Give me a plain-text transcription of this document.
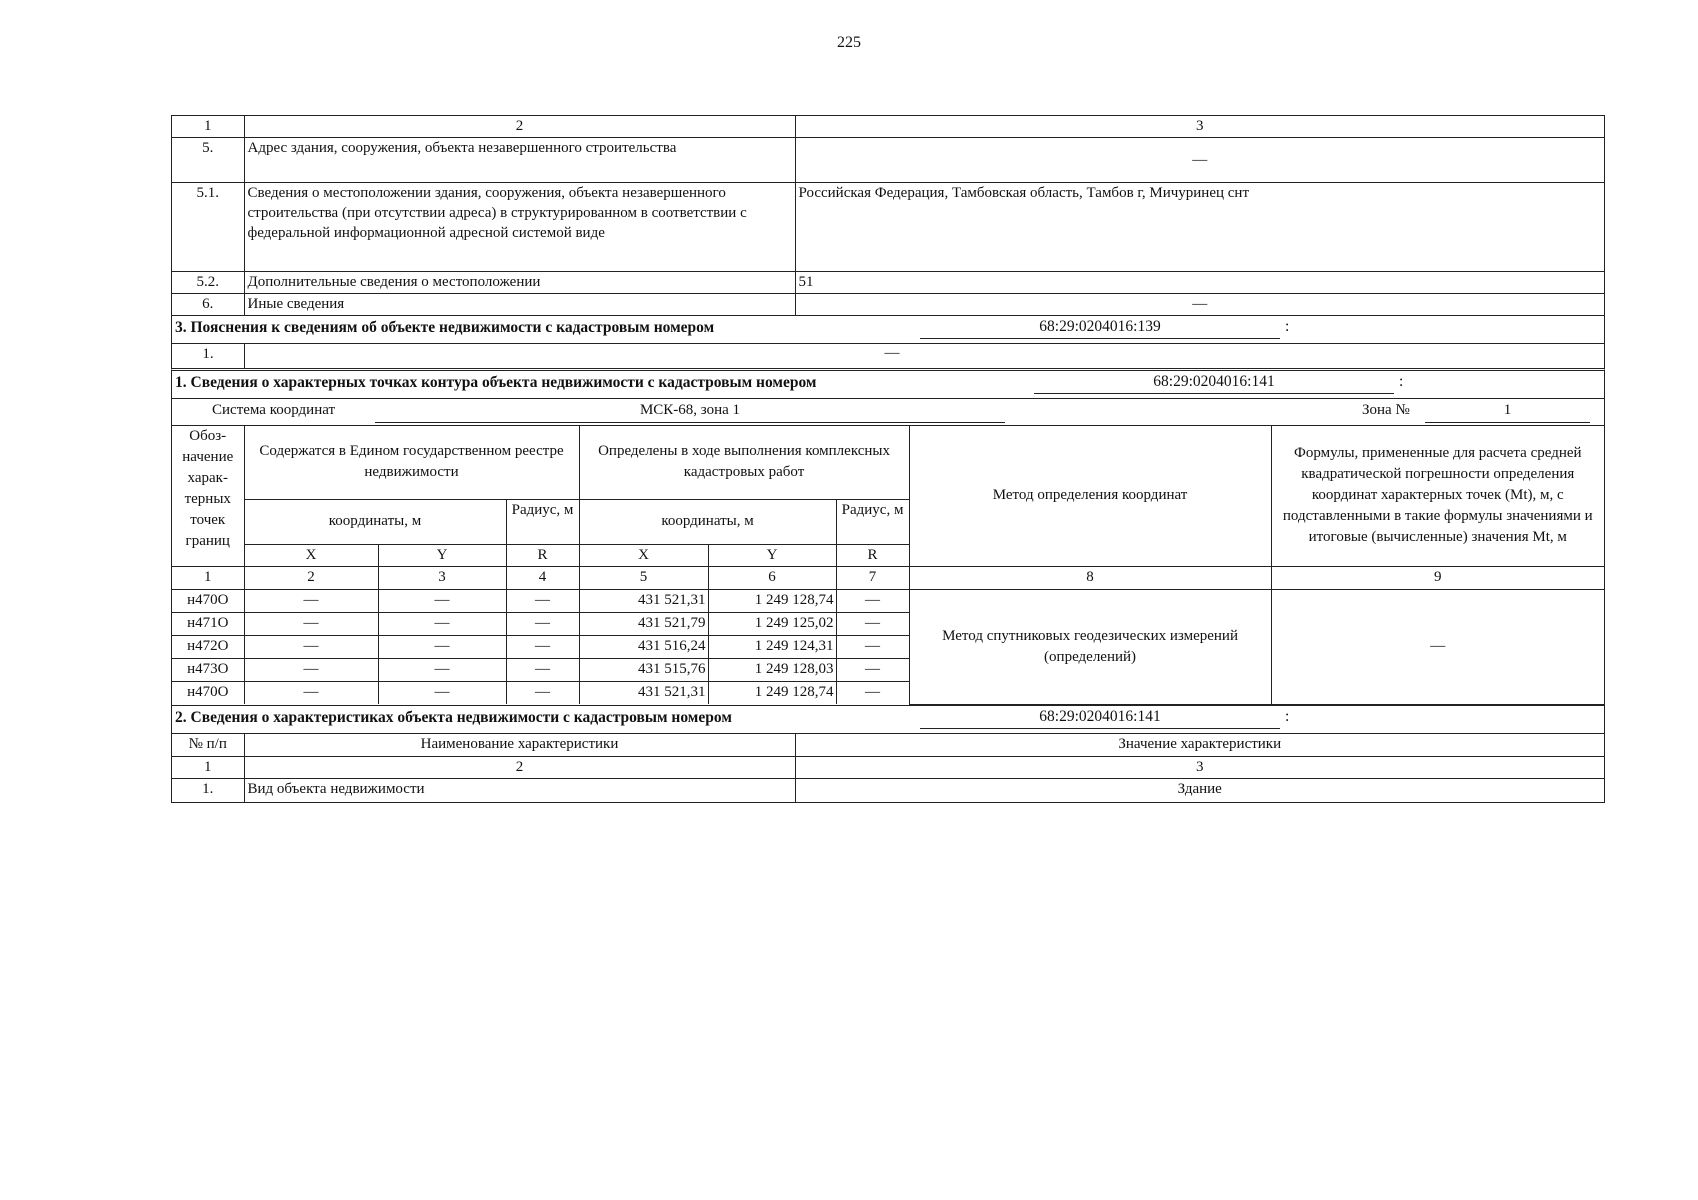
225
1	2	3
5.	Адрес здания, сооружения, объекта незавершенного строительства	—
5.1.	Сведения о местоположении здания, сооружения, объекта незавершенного строительства (при отсутствии адреса) в структурированном в соответствии с федеральной информационной адресной системой виде	Российская Федерация, Тамбовская область, Тамбов г, Мичуринец снт
5.2.	Дополнительные сведения о местоположении	51
6.	Иные сведения	—
3. Пояснения к сведениям об объекте недвижимости с кадастровым номером	68:29:0204016:139	:
1.	—
1. Сведения о характерных точках контура объекта недвижимости с кадастровым номером	68:29:0204016:141	:
Система координат	МСК-68, зона 1	Зона №	1
Обоз-начение харак-терных точек границ	Содержатся в Едином государственном реестре недвижимости			Определены в ходе выполнения комплексных кадастровых работ			Метод определения координат	Формулы, примененные для расчета средней квадратической погрешности определения координат характерных точек (Mt), м, с подставленными в такие формулы значениями и итоговые (вычисленные) значения Mt, м
	координаты, м		Радиус, м	координаты, м		Радиус, м		
	X	Y	R	X	Y	R		
1	2	3	4	5	6	7	8	9
н470О	—	—	—	431 521,31	1 249 128,74	—	Метод спутниковых геодезических измерений (определений)	—
н471О	—	—	—	431 521,79	1 249 125,02	—		
н472О	—	—	—	431 516,24	1 249 124,31	—		
н473О	—	—	—	431 515,76	1 249 128,03	—		
н470О	—	—	—	431 521,31	1 249 128,74	—		
2. Сведения о характеристиках объекта недвижимости с кадастровым номером	68:29:0204016:141	:
№ п/п	Наименование характеристики	Значение характеристики
1	2	3
1.	Вид объекта недвижимости	Здание
